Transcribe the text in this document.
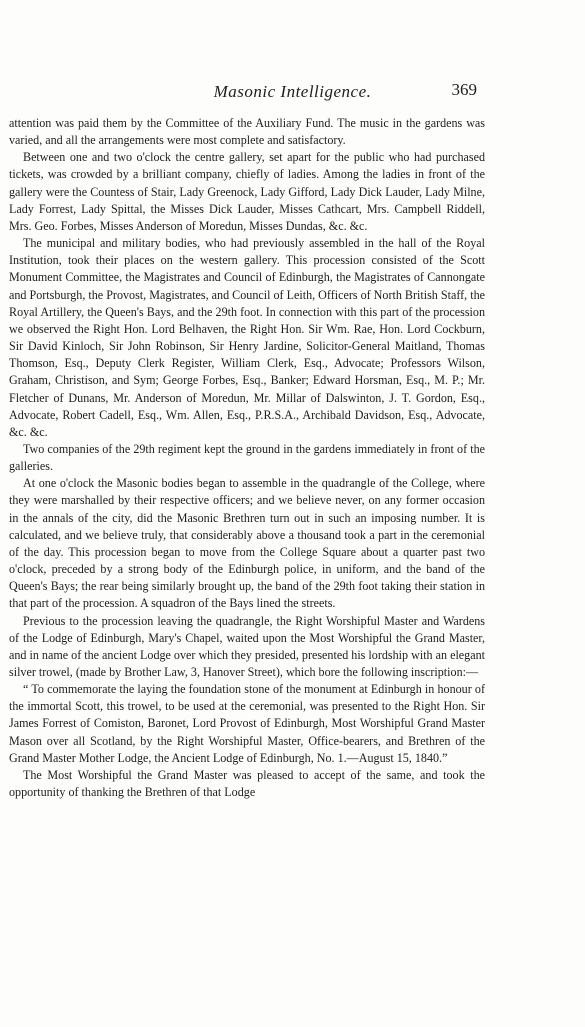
Masonic Intelligence.	369

attention was paid them by the Committee of the Auxiliary Fund. The music in the gardens was varied, and all the arrangements were most complete and satisfactory.

Between one and two o'clock the centre gallery, set apart for the public who had purchased tickets, was crowded by a brilliant company, chiefly of ladies. Among the ladies in front of the gallery were the Countess of Stair, Lady Greenock, Lady Gifford, Lady Dick Lauder, Lady Milne, Lady Forrest, Lady Spittal, the Misses Dick Lauder, Misses Cathcart, Mrs. Campbell Riddell, Mrs. Geo. Forbes, Misses Anderson of Moredun, Misses Dundas, &c. &c.

The municipal and military bodies, who had previously assembled in the hall of the Royal Institution, took their places on the western gallery. This procession consisted of the Scott Monument Committee, the Magistrates and Council of Edinburgh, the Magistrates of Cannongate and Portsburgh, the Provost, Magistrates, and Council of Leith, Officers of North British Staff, the Royal Artillery, the Queen's Bays, and the 29th foot. In connection with this part of the procession we observed the Right Hon. Lord Belhaven, the Right Hon. Sir Wm. Rae, Hon. Lord Cockburn, Sir David Kinloch, Sir John Robinson, Sir Henry Jardine, Solicitor-General Maitland, Thomas Thomson, Esq., Deputy Clerk Register, William Clerk, Esq., Advocate; Professors Wilson, Graham, Christison, and Sym; George Forbes, Esq., Banker; Edward Horsman, Esq., M. P.; Mr. Fletcher of Dunans, Mr. Anderson of Moredun, Mr. Millar of Dalswinton, J. T. Gordon, Esq., Advocate, Robert Cadell, Esq., Wm. Allen, Esq., P.R.S.A., Archibald Davidson, Esq., Advocate, &c. &c.

Two companies of the 29th regiment kept the ground in the gardens immediately in front of the galleries.

At one o'clock the Masonic bodies began to assemble in the quadrangle of the College, where they were marshalled by their respective officers; and we believe never, on any former occasion in the annals of the city, did the Masonic Brethren turn out in such an imposing number. It is calculated, and we believe truly, that considerably above a thousand took a part in the ceremonial of the day. This procession began to move from the College Square about a quarter past two o'clock, preceded by a strong body of the Edinburgh police, in uniform, and the band of the Queen's Bays; the rear being similarly brought up, the band of the 29th foot taking their station in that part of the procession. A squadron of the Bays lined the streets.

Previous to the procession leaving the quadrangle, the Right Worshipful Master and Wardens of the Lodge of Edinburgh, Mary's Chapel, waited upon the Most Worshipful the Grand Master, and in name of the ancient Lodge over which they presided, presented his lordship with an elegant silver trowel, (made by Brother Law, 3, Hanover Street), which bore the following inscription:—

“ To commemorate the laying the foundation stone of the monument at Edinburgh in honour of the immortal Scott, this trowel, to be used at the ceremonial, was presented to the Right Hon. Sir James Forrest of Comiston, Baronet, Lord Provost of Edinburgh, Most Worshipful Grand Master Mason over all Scotland, by the Right Worshipful Master, Office-bearers, and Brethren of the Grand Master Mother Lodge, the Ancient Lodge of Edinburgh, No. 1.—August 15, 1840.”

The Most Worshipful the Grand Master was pleased to accept of the same, and took the opportunity of thanking the Brethren of that Lodge
